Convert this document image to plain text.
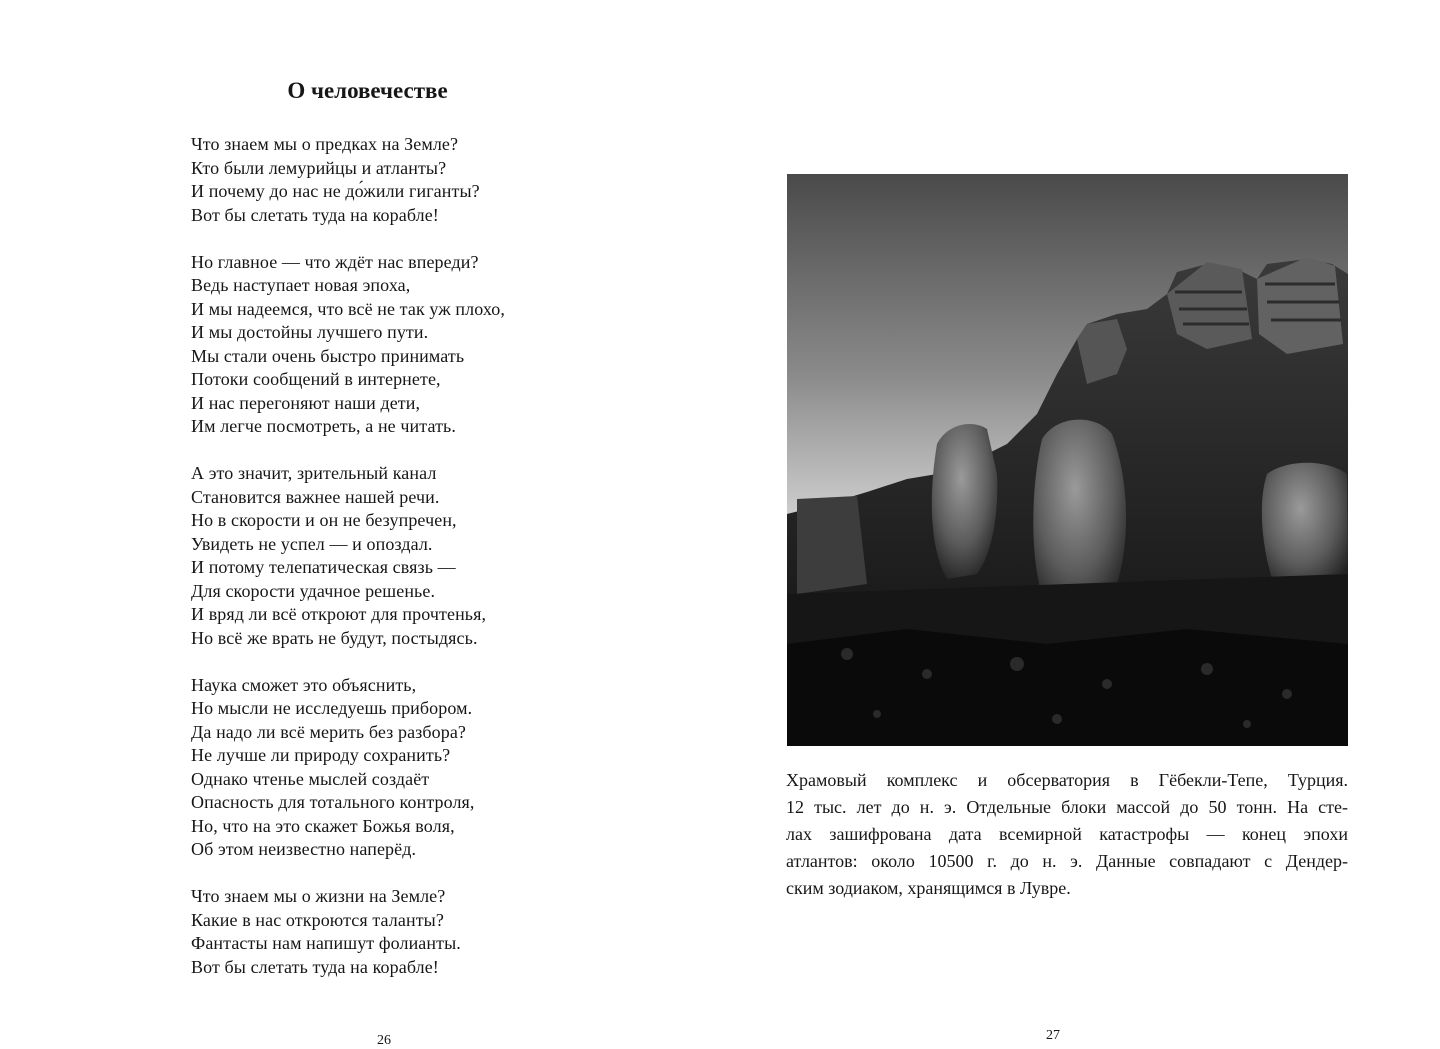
О человечестве
Что знаем мы о предках на Земле?
Кто были лемурийцы и атланты?
И почему до нас не до́жили гиганты?
Вот бы слетать туда на корабле!
Но главное — что ждёт нас впереди?
Ведь наступает новая эпоха,
И мы надеемся, что всё не так уж плохо,
И мы достойны лучшего пути.
Мы стали очень быстро принимать
Потоки сообщений в интернете,
И нас перегоняют наши дети,
Им легче посмотреть, а не читать.
А это значит, зрительный канал
Становится важнее нашей речи.
Но в скорости и он не безупречен,
Увидеть не успел — и опоздал.
И потому телепатическая связь —
Для скорости удачное решенье.
И вряд ли всё откроют для прочтенья,
Но всё же врать не будут, постыдясь.
Наука сможет это объяснить,
Но мысли не исследуешь прибором.
Да надо ли всё мерить без разбора?
Не лучше ли природу сохранить?
Однако чтенье мыслей создаёт
Опасность для тотального контроля,
Но, что на это скажет Божья воля,
Об этом неизвестно наперёд.
Что знаем мы о жизни на Земле?
Какие в нас откроются таланты?
Фантасты нам напишут фолианты.
Вот бы слетать туда на корабле!
26
Храмовый комплекс и обсерватория в Гёбекли-Тепе, Турция.
12 тыс. лет до н. э. Отдельные блоки массой до 50 тонн. На сте-
лах зашифрована дата всемирной катастрофы — конец эпохи
атлантов: около 10500 г. до н. э. Данные совпадают с Дендер-
ским зодиаком, хранящимся в Лувре.
27
